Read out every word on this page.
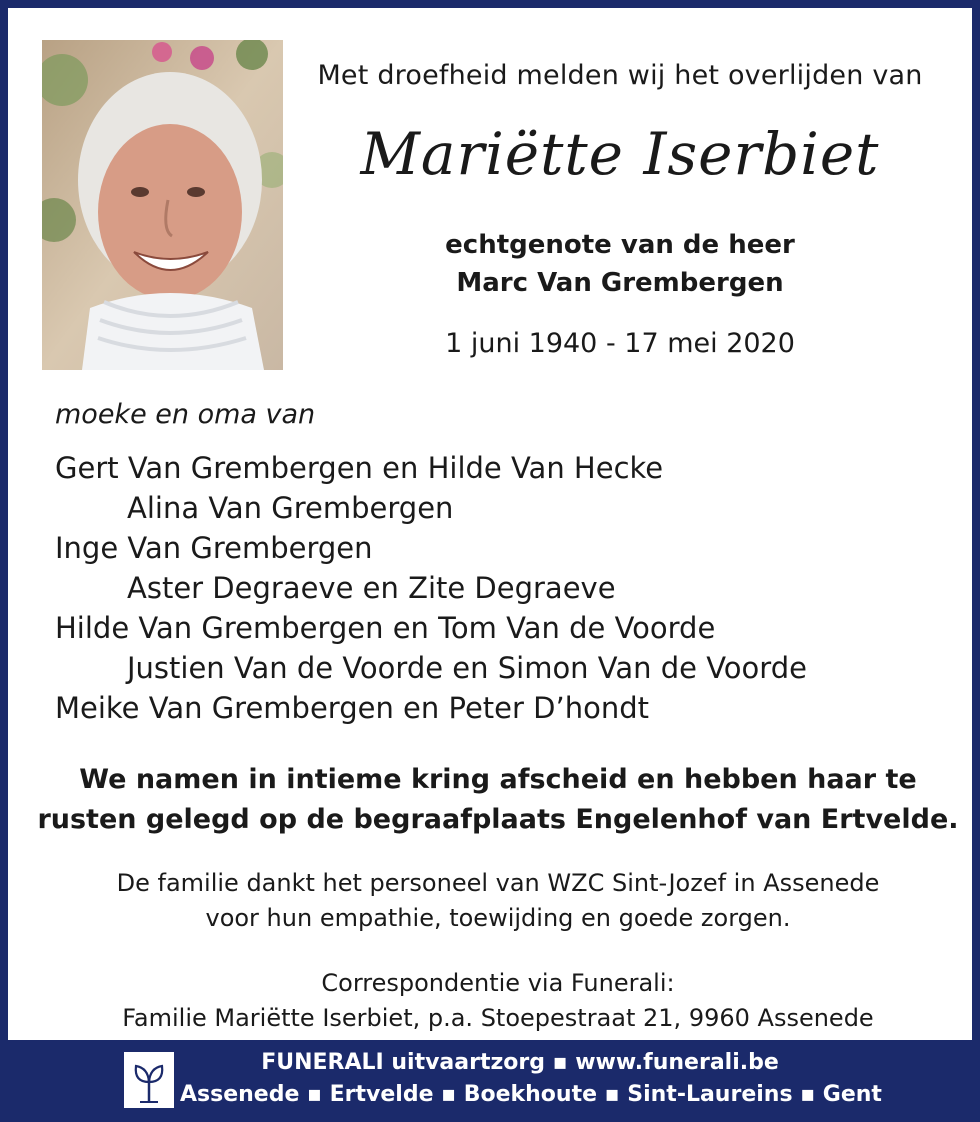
Met droefheid melden wij het overlijden van
Mariëtte Iserbiet
echtgenote van de heer
Marc Van Grembergen
1 juni 1940 - 17 mei 2020
moeke en oma van
Gert Van Grembergen en Hilde Van Hecke
Alina Van Grembergen
Inge Van Grembergen
Aster Degraeve en Zite Degraeve
Hilde Van Grembergen en Tom Van de Voorde
Justien Van de Voorde en Simon Van de Voorde
Meike Van Grembergen en Peter D’hondt
We namen in intieme kring afscheid en hebben haar te
rusten gelegd op de begraafplaats Engelenhof van Ertvelde.
De familie dankt het personeel van WZC Sint-Jozef in Assenede
voor hun empathie, toewijding en goede zorgen.
Correspondentie via Funerali:
Familie Mariëtte Iserbiet, p.a. Stoepestraat 21, 9960 Assenede
FUNERALI uitvaartzorg ▪ www.funerali.be
Assenede ▪ Ertvelde ▪ Boekhoute ▪ Sint-Laureins ▪ Gent
